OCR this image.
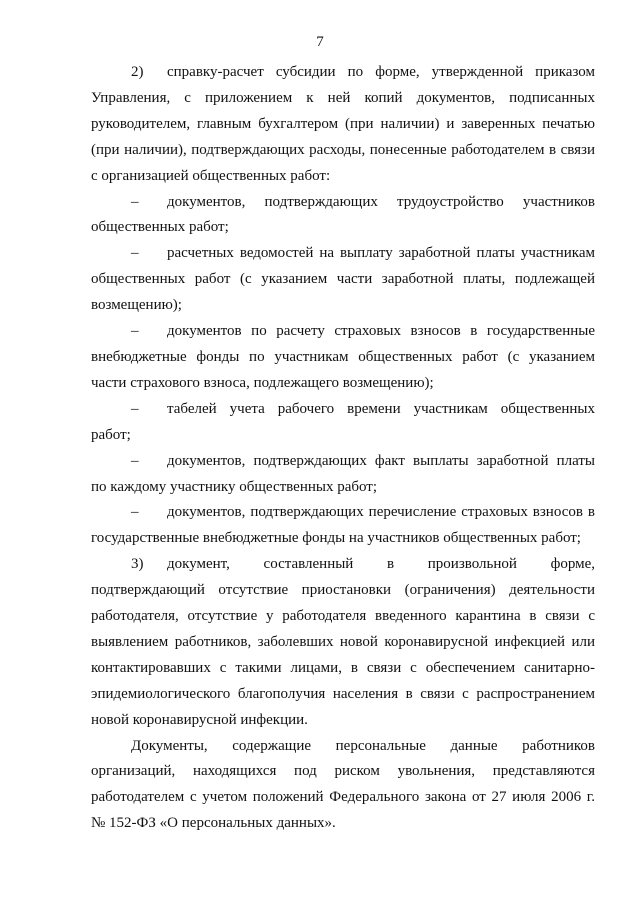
7
2) справку-расчет субсидии по форме, утвержденной приказом
Управления, с приложением к ней копий документов, подписанных
руководителем, главным бухгалтером (при наличии) и заверенных печатью
(при наличии), подтверждающих расходы, понесенные работодателем в связи
с организацией общественных работ:
– документов, подтверждающих трудоустройство участников
общественных работ;
– расчетных ведомостей на выплату заработной платы участникам
общественных работ (с указанием части заработной платы, подлежащей
возмещению);
– документов по расчету страховых взносов в государственные
внебюджетные фонды по участникам общественных работ (с указанием
части страхового взноса, подлежащего возмещению);
– табелей учета рабочего времени участникам общественных
работ;
– документов, подтверждающих факт выплаты заработной платы
по каждому участнику общественных работ;
– документов, подтверждающих перечисление страховых взносов в
государственные внебюджетные фонды на участников общественных работ;
3) документ, составленный в произвольной форме,
подтверждающий отсутствие приостановки (ограничения) деятельности
работодателя, отсутствие у работодателя введенного карантина в связи с
выявлением работников, заболевших новой коронавирусной инфекцией или
контактировавших с такими лицами, в связи с обеспечением санитарно-
эпидемиологического благополучия населения в связи с распространением
новой коронавирусной инфекции.
Документы, содержащие персональные данные работников
организаций, находящихся под риском увольнения, представляются
работодателем с учетом положений Федерального закона от 27 июля 2006 г.
№ 152-ФЗ «О персональных данных».
